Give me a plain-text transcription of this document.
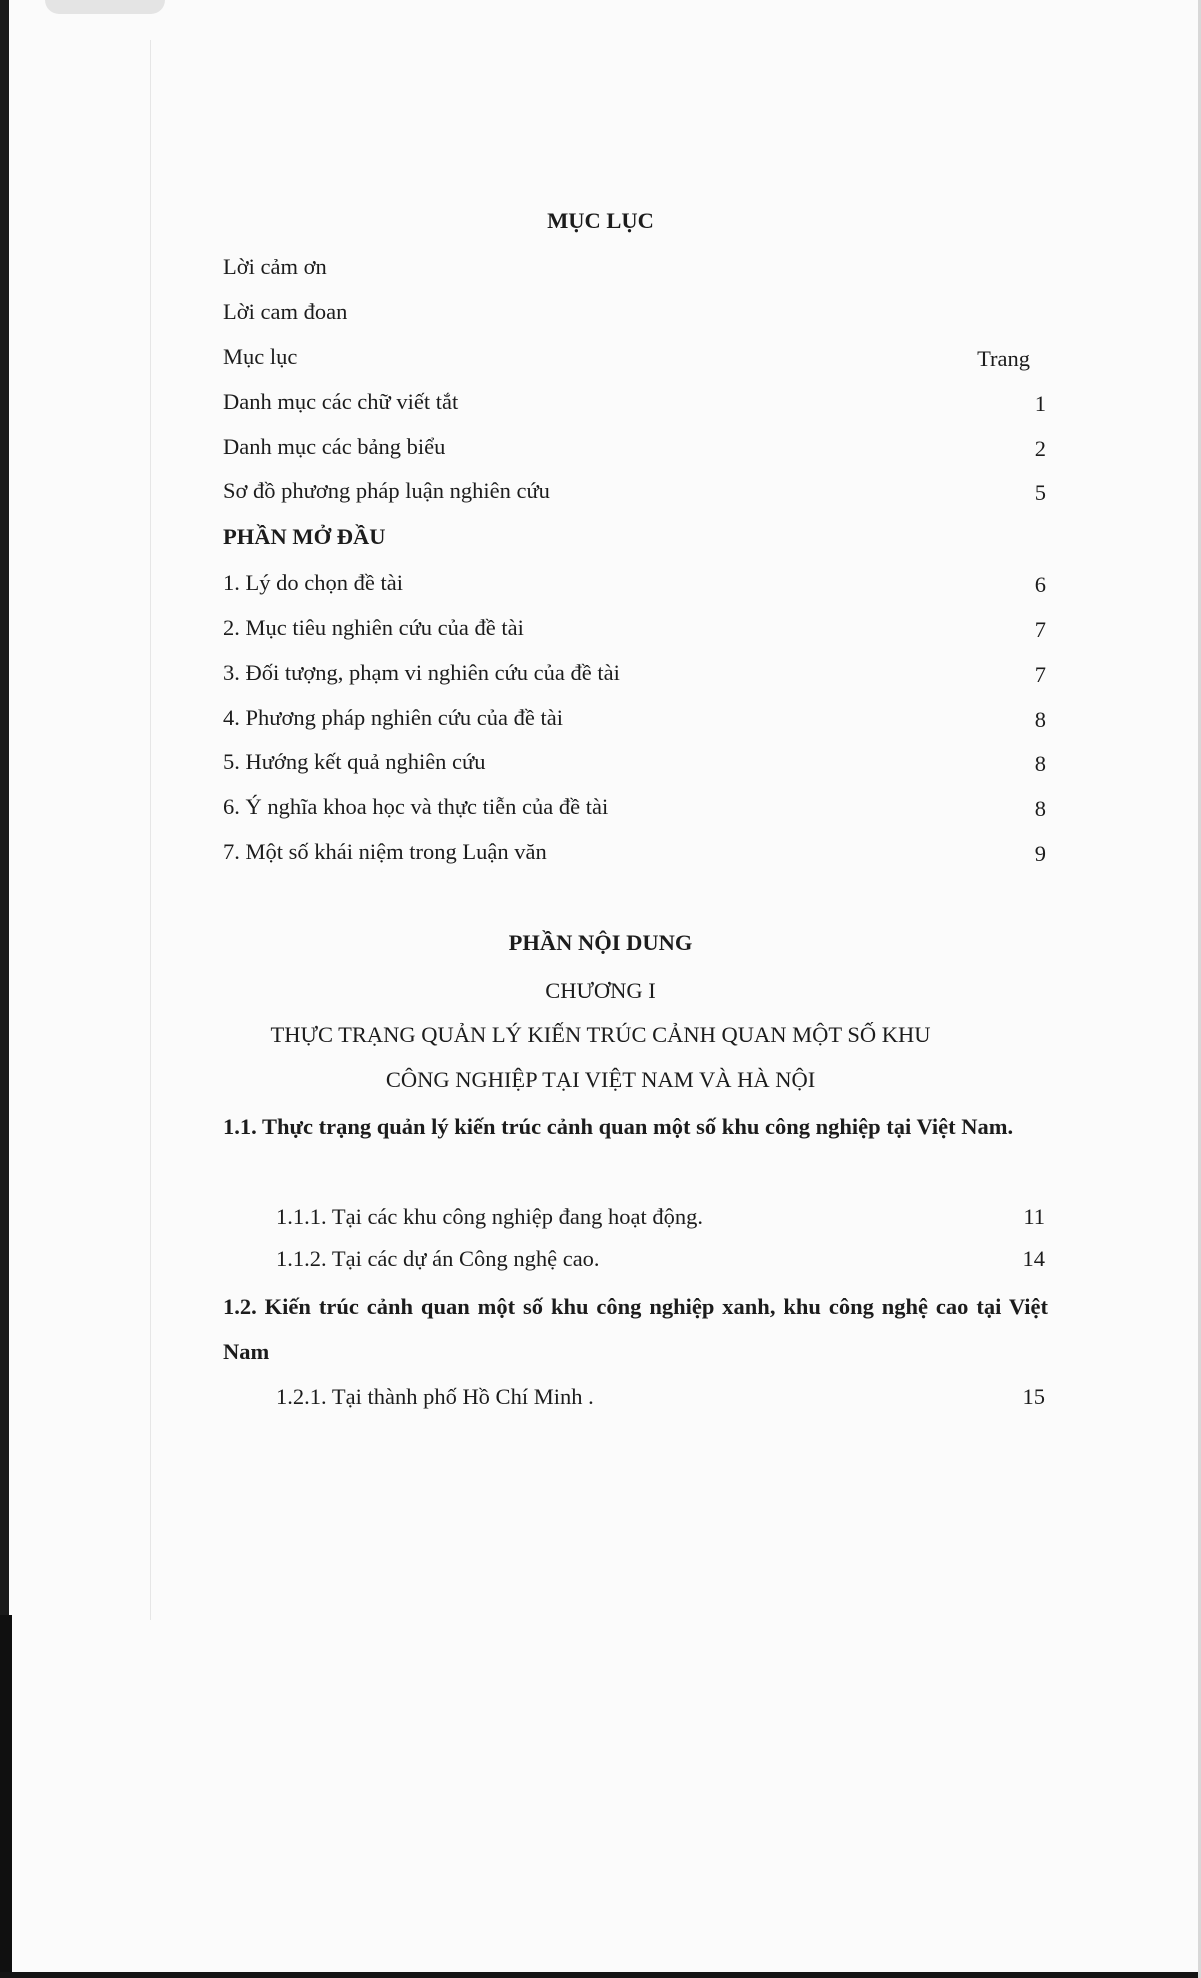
MỤC LỤC
Lời cảm ơn
Lời cam đoan
Mục lục	Trang
Danh mục các chữ viết tắt	1
Danh mục các bảng biểu	2
Sơ đồ phương pháp luận nghiên cứu	5
PHẦN MỞ ĐẦU
1. Lý do chọn đề tài	6
2. Mục tiêu nghiên cứu của đề tài	7
3. Đối tượng, phạm vi nghiên cứu của đề tài	7
4. Phương pháp nghiên cứu của đề tài	8
5. Hướng kết quả nghiên cứu	8
6. Ý nghĩa khoa học và thực tiễn của đề tài	8
7. Một số khái niệm trong Luận văn	9
PHẦN NỘI DUNG
CHƯƠNG I
THỰC TRẠNG QUẢN LÝ KIẾN TRÚC CẢNH QUAN MỘT SỐ KHU
CÔNG NGHIỆP TẠI VIỆT NAM VÀ HÀ NỘI
1.1. Thực trạng quản lý kiến trúc cảnh quan một số khu công nghiệp tại Việt Nam.
1.1.1. Tại các khu công nghiệp đang hoạt động.	11
1.1.2. Tại các dự án Công nghệ cao.	14
1.2. Kiến trúc cảnh quan một số khu công nghiệp xanh, khu công nghệ cao tại Việt Nam
1.2.1. Tại thành phố Hồ Chí Minh .	15
